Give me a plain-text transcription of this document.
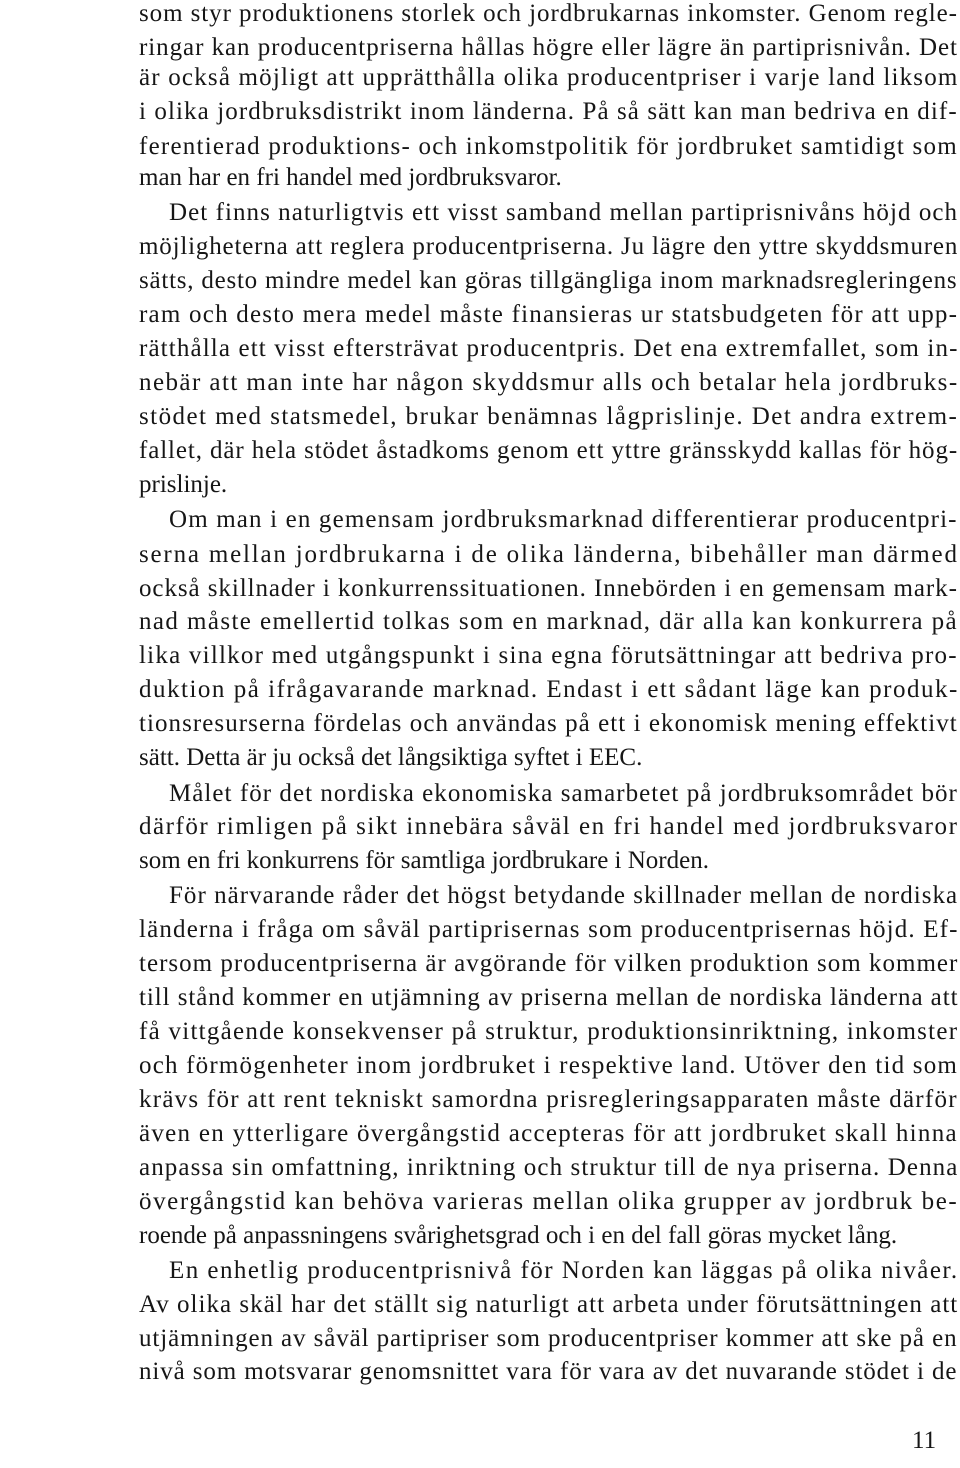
som styr produktionens storlek och jordbrukarnas inkomster. Genom regle-
ringar kan producentpriserna hållas högre eller lägre än partiprisnivån. Det
är också möjligt att upprätthålla olika producentpriser i varje land liksom
i olika jordbruksdistrikt inom länderna. På så sätt kan man bedriva en dif-
ferentierad produktions- och inkomstpolitik för jordbruket samtidigt som
man har en fri handel med jordbruksvaror.
Det finns naturligtvis ett visst samband mellan partiprisnivåns höjd och
möjligheterna att reglera producentpriserna. Ju lägre den yttre skyddsmuren
sätts, desto mindre medel kan göras tillgängliga inom marknadsregleringens
ram och desto mera medel måste finansieras ur statsbudgeten för att upp-
rätthålla ett visst eftersträvat producentpris. Det ena extremfallet, som in-
nebär att man inte har någon skyddsmur alls och betalar hela jordbruks-
stödet med statsmedel, brukar benämnas lågprislinje. Det andra extrem-
fallet, där hela stödet åstadkoms genom ett yttre gränsskydd kallas för hög-
prislinje.
Om man i en gemensam jordbruksmarknad differentierar producentpri-
serna mellan jordbrukarna i de olika länderna, bibehåller man därmed
också skillnader i konkurrenssituationen. Innebörden i en gemensam mark-
nad måste emellertid tolkas som en marknad, där alla kan konkurrera på
lika villkor med utgångspunkt i sina egna förutsättningar att bedriva pro-
duktion på ifrågavarande marknad. Endast i ett sådant läge kan produk-
tionsresurserna fördelas och användas på ett i ekonomisk mening effektivt
sätt. Detta är ju också det långsiktiga syftet i EEC.
Målet för det nordiska ekonomiska samarbetet på jordbruksområdet bör
därför rimligen på sikt innebära såväl en fri handel med jordbruksvaror
som en fri konkurrens för samtliga jordbrukare i Norden.
För närvarande råder det högst betydande skillnader mellan de nordiska
länderna i fråga om såväl partiprisernas som producentprisernas höjd. Ef-
tersom producentpriserna är avgörande för vilken produktion som kommer
till stånd kommer en utjämning av priserna mellan de nordiska länderna att
få vittgående konsekvenser på struktur, produktionsinriktning, inkomster
och förmögenheter inom jordbruket i respektive land. Utöver den tid som
krävs för att rent tekniskt samordna prisregleringsapparaten måste därför
även en ytterligare övergångstid accepteras för att jordbruket skall hinna
anpassa sin omfattning, inriktning och struktur till de nya priserna. Denna
övergångstid kan behöva varieras mellan olika grupper av jordbruk be-
roende på anpassningens svårighetsgrad och i en del fall göras mycket lång.
En enhetlig producentprisnivå för Norden kan läggas på olika nivåer.
Av olika skäl har det ställt sig naturligt att arbeta under förutsättningen att
utjämningen av såväl partipriser som producentpriser kommer att ske på en
nivå som motsvarar genomsnittet vara för vara av det nuvarande stödet i de
11
